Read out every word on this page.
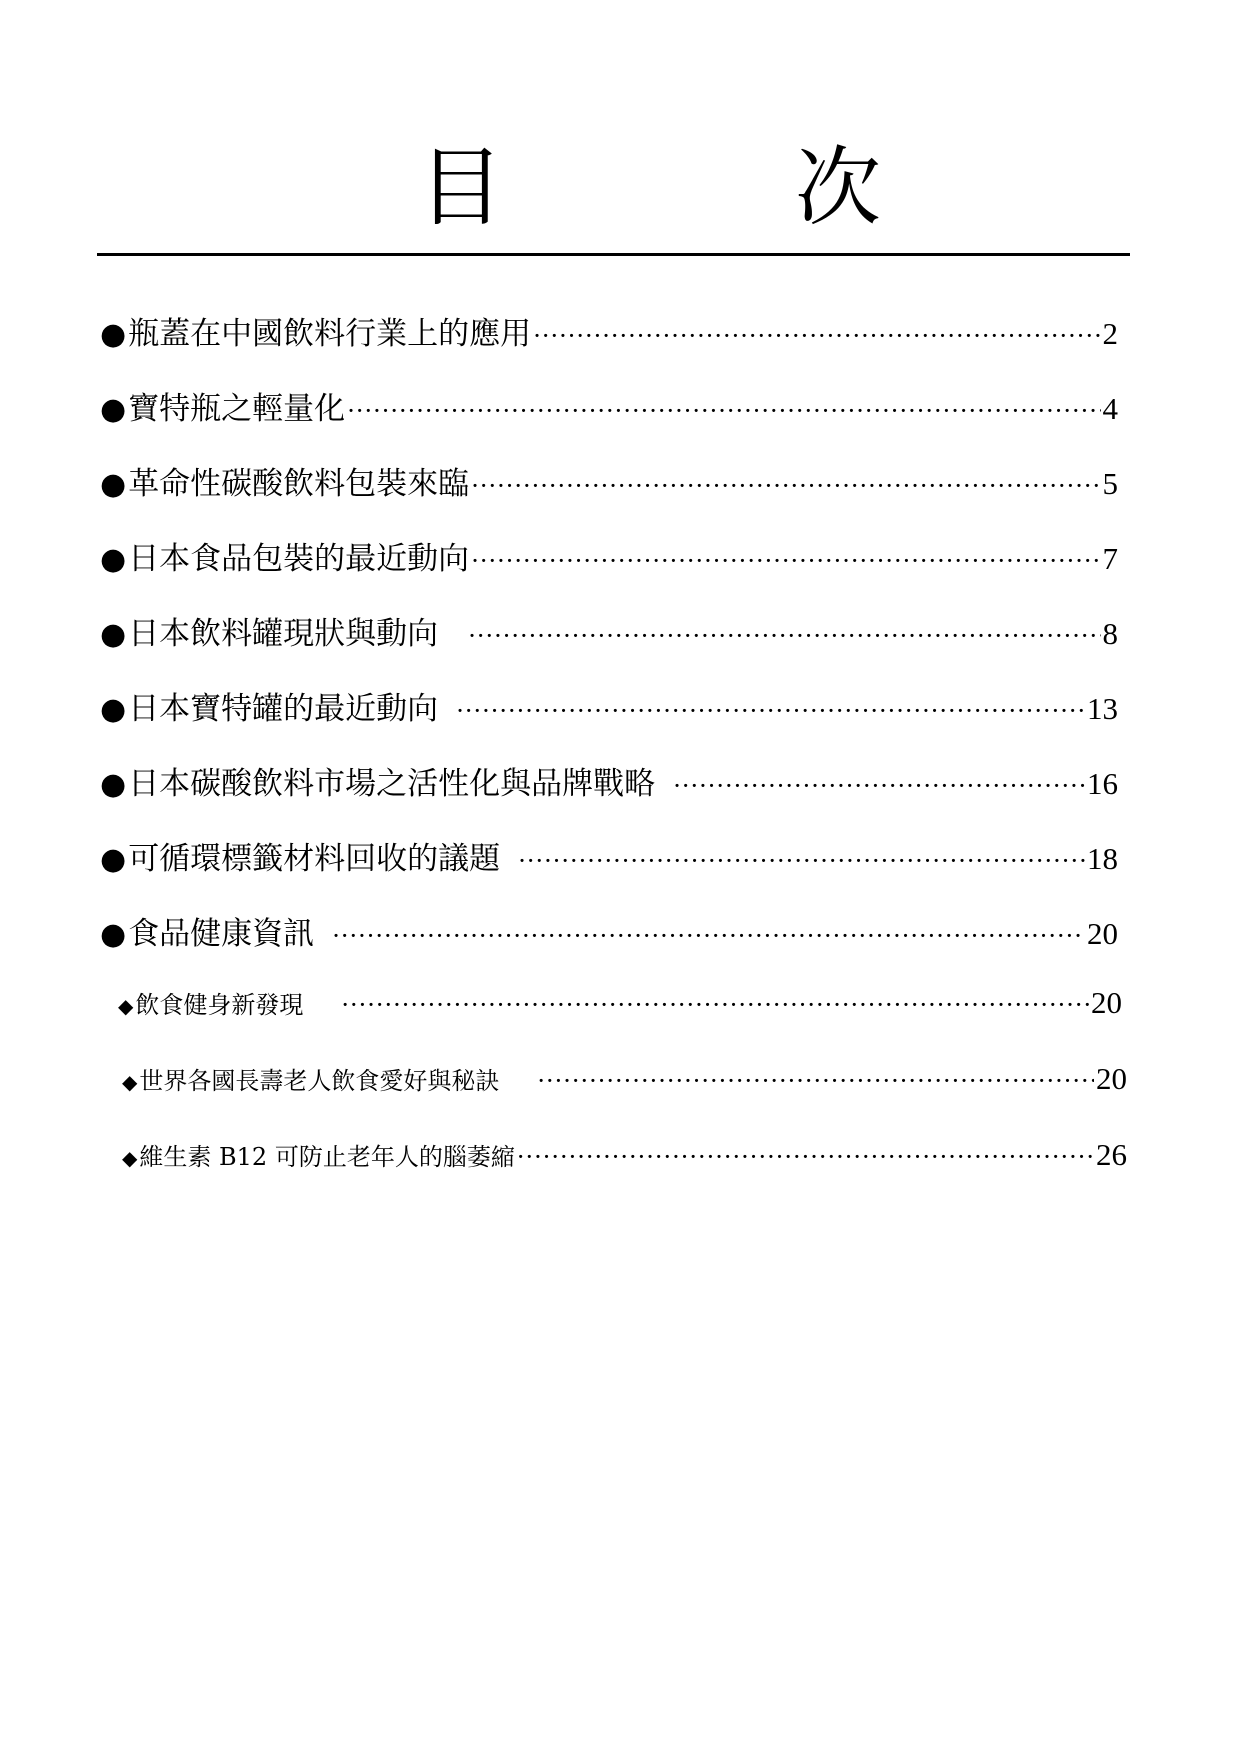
目	次
● 瓶蓋在中國飲料行業上的應用 ·····	2
● 寶特瓶之輕量化 ·····	4
● 革命性碳酸飲料包裝來臨 ·····	5
● 日本食品包裝的最近動向 ·····	7
● 日本飲料罐現狀與動向 ·····	8
● 日本寶特罐的最近動向 ·····	13
● 日本碳酸飲料市場之活性化與品牌戰略 ·····	16
● 可循環標籤材料回收的議題 ·····	18
● 食品健康資訊 ·····	20
◆ 飲食健身新發現 ·····	20
◆ 世界各國長壽老人飲食愛好與秘訣 ·····	20
◆ 維生素 B12 可防止老年人的腦萎縮 ·····	26
